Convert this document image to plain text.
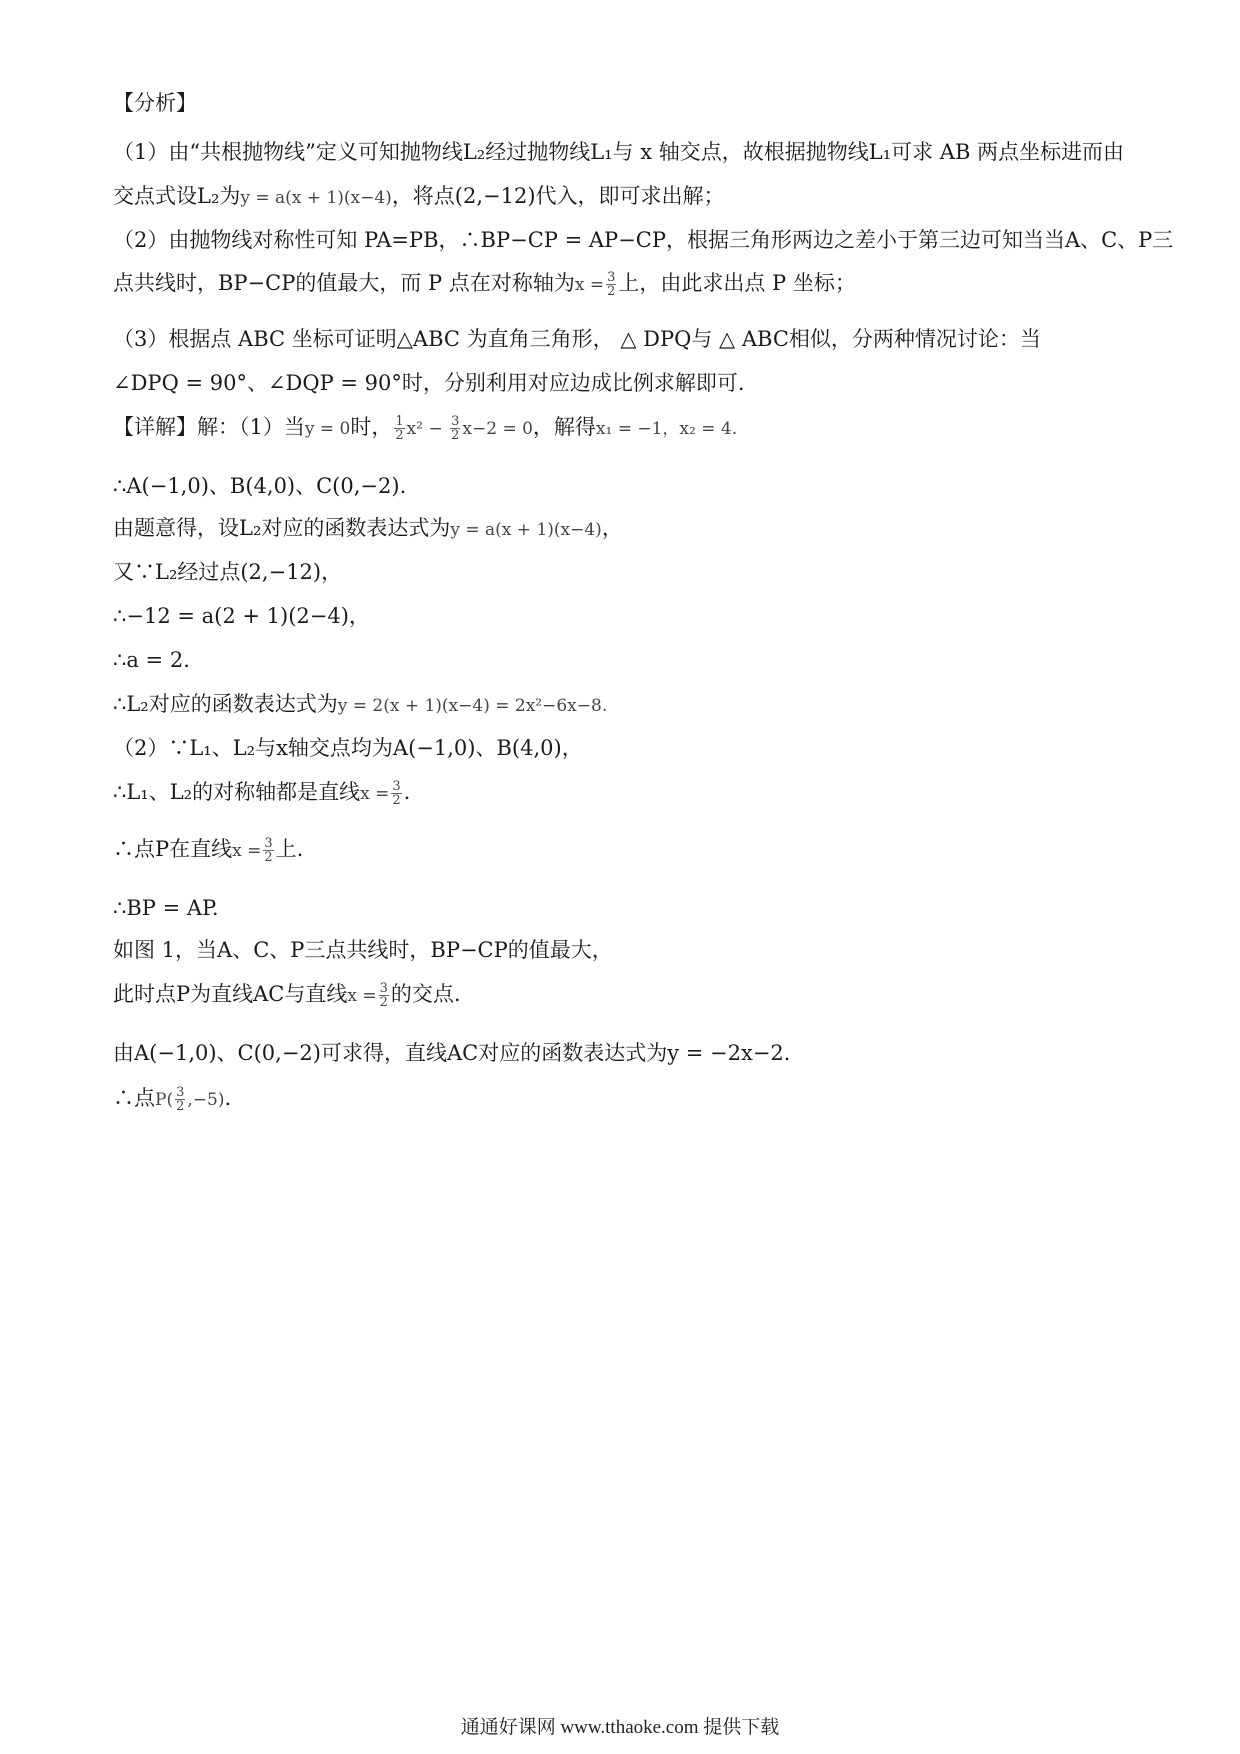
【分析】
（1）由“共根抛物线”定义可知抛物线L₂经过抛物线L₁与 x 轴交点，故根据抛物线L₁可求 AB 两点坐标进而由
交点式设L₂为y = a(x + 1)(x−4)，将点(2,−12)代入，即可求出解；
（2）由抛物线对称性可知 PA=PB，∴BP−CP = AP−CP，根据三角形两边之差小于第三边可知当当A、C、P三
点共线时，BP−CP的值最大，而 P 点在对称轴为$x = \frac{3}{2}$ 上，由此求出点 P 坐标；
（3）根据点 ABC 坐标可证明△ABC 为直角三角形， △ DPQ与 △ ABC相似，分两种情况讨论：当
∠DPQ = 90°、∠DQP = 90°时，分别利用对应边成比例求解即可.
【详解】解：（1）当y = 0时， $\frac{1}{2} x^2 - \frac{3}{2} x-2 = 0$，解得x₁ = −1，x₂ = 4.
∴A(−1,0)、B(4,0)、C(0,−2).
由题意得，设L₂对应的函数表达式为y = a(x + 1)(x−4)，
又∵L₂经过点(2,−12)，
∴−12 = a(2 + 1)(2−4)，
∴a = 2.
∴L₂对应的函数表达式为y = 2(x + 1)(x−4) = 2x²−6x−8.
（2）∵L₁、L₂与x轴交点均为A(−1,0)、B(4,0)，
∴L₁、L₂的对称轴都是直线$x = \frac{3}{2}$ .
∴点P在直线$x = \frac{3}{2}$ 上.
∴BP = AP.
如图 1，当A、C、P三点共线时，BP−CP的值最大，
此时点P为直线AC与直线$x = \frac{3}{2}$ 的交点.
由A(−1,0)、C(0,−2)可求得，直线AC对应的函数表达式为y = −2x−2.
∴点$P( \frac{3}{2} ,-5)$.
通通好课网 www.tthaoke.com 提供下载
